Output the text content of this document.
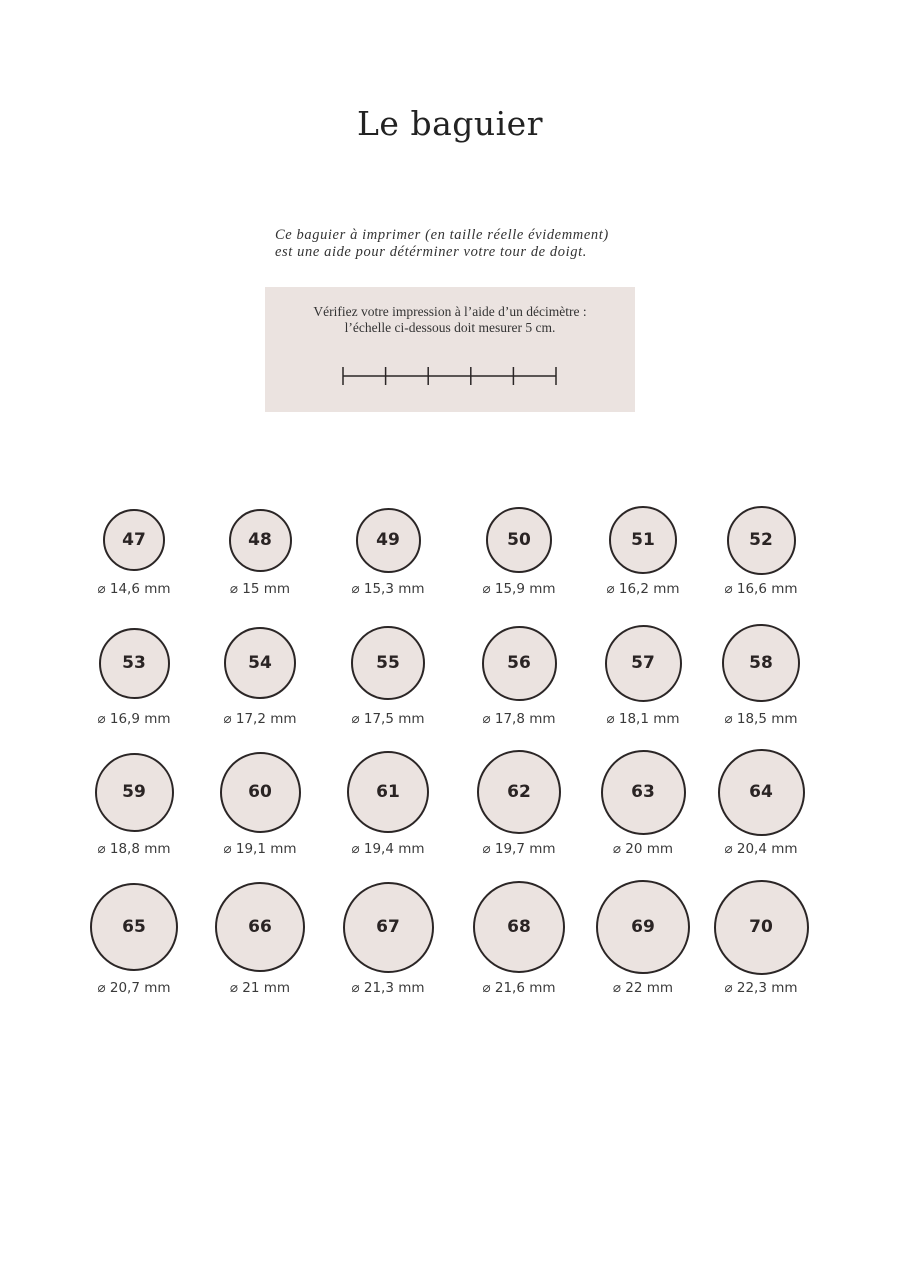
Le baguier
Ce baguier à imprimer (en taille réelle évidemment)
est une aide pour détérminer votre tour de doigt.
Vérifiez votre impression à l’aide d’un décimètre :
l’échelle ci-dessous doit mesurer 5 cm.
47
⌀ 14,6 mm
48
⌀ 15 mm
49
⌀ 15,3 mm
50
⌀ 15,9 mm
51
⌀ 16,2 mm
52
⌀ 16,6 mm
53
⌀ 16,9 mm
54
⌀ 17,2 mm
55
⌀ 17,5 mm
56
⌀ 17,8 mm
57
⌀ 18,1 mm
58
⌀ 18,5 mm
59
⌀ 18,8 mm
60
⌀ 19,1 mm
61
⌀ 19,4 mm
62
⌀ 19,7 mm
63
⌀ 20 mm
64
⌀ 20,4 mm
65
⌀ 20,7 mm
66
⌀ 21 mm
67
⌀ 21,3 mm
68
⌀ 21,6 mm
69
⌀ 22 mm
70
⌀ 22,3 mm
